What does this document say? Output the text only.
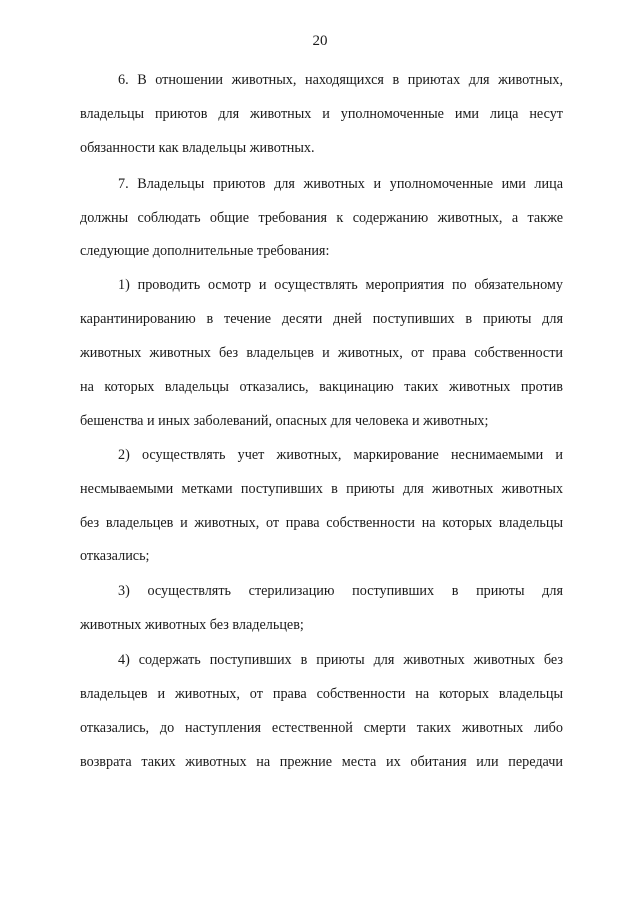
20
6. В отношении животных, находящихся в приютах для животных,
владельцы приютов для животных и уполномоченные ими лица несут
обязанности как владельцы животных.
7. Владельцы приютов для животных и уполномоченные ими лица
должны соблюдать общие требования к содержанию животных, а также
следующие дополнительные требования:
1) проводить осмотр и осуществлять мероприятия по обязательному
карантинированию в течение десяти дней поступивших в приюты для
животных животных без владельцев и животных, от права собственности
на которых владельцы отказались, вакцинацию таких животных против
бешенства и иных заболеваний, опасных для человека и животных;
2) осуществлять учет животных, маркирование неснимаемыми и
несмываемыми метками поступивших в приюты для животных животных
без владельцев и животных, от права собственности на которых владельцы
отказались;
3) осуществлять стерилизацию поступивших в приюты для
животных животных без владельцев;
4) содержать поступивших в приюты для животных животных без
владельцев и животных, от права собственности на которых владельцы
отказались, до наступления естественной смерти таких животных либо
возврата таких животных на прежние места их обитания или передачи
